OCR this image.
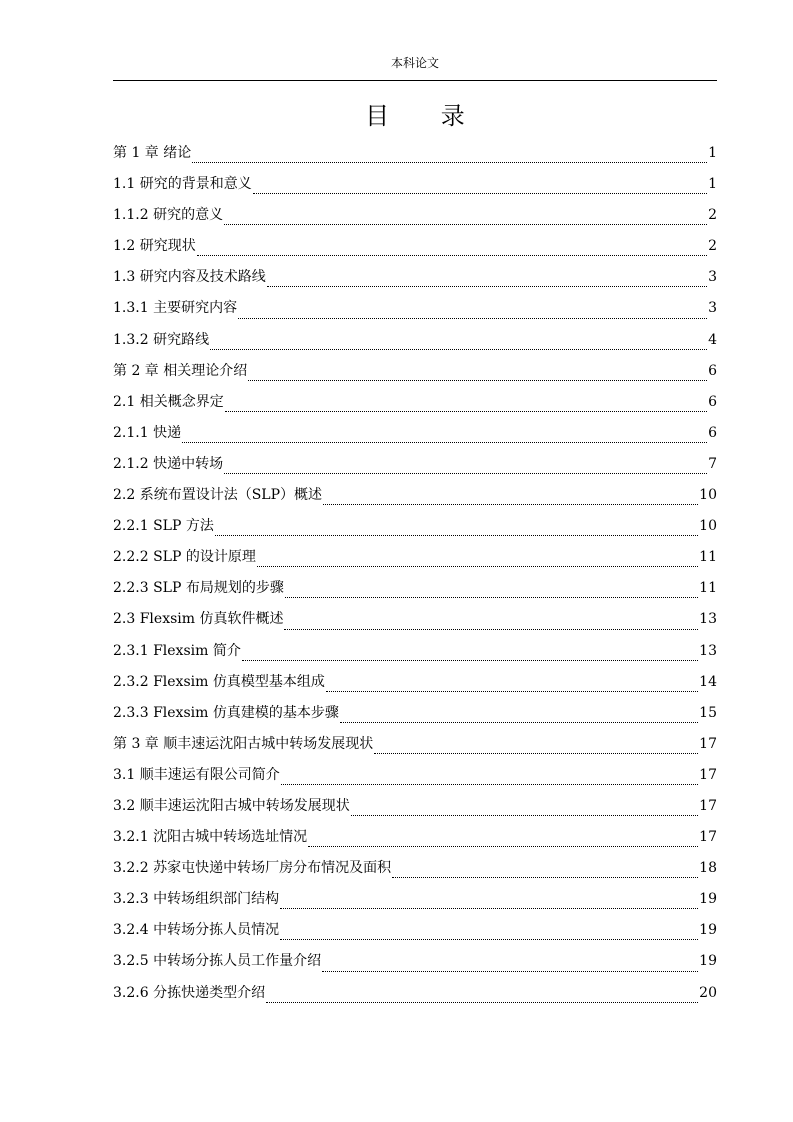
本科论文
目 录
第 1 章 绪论	1
1.1 研究的背景和意义	1
1.1.2 研究的意义	2
1.2 研究现状	2
1.3 研究内容及技术路线	3
1.3.1 主要研究内容	3
1.3.2 研究路线	4
第 2 章 相关理论介绍	6
2.1 相关概念界定	6
2.1.1 快递	6
2.1.2 快递中转场	7
2.2 系统布置设计法（SLP）概述	10
2.2.1 SLP 方法	10
2.2.2 SLP 的设计原理	11
2.2.3 SLP 布局规划的步骤	11
2.3 Flexsim 仿真软件概述	13
2.3.1 Flexsim 简介	13
2.3.2 Flexsim 仿真模型基本组成	14
2.3.3 Flexsim 仿真建模的基本步骤	15
第 3 章 顺丰速运沈阳古城中转场发展现状	17
3.1 顺丰速运有限公司简介	17
3.2 顺丰速运沈阳古城中转场发展现状	17
3.2.1 沈阳古城中转场选址情况	17
3.2.2 苏家屯快递中转场厂房分布情况及面积	18
3.2.3 中转场组织部门结构	19
3.2.4 中转场分拣人员情况	19
3.2.5 中转场分拣人员工作量介绍	19
3.2.6 分拣快递类型介绍	20
